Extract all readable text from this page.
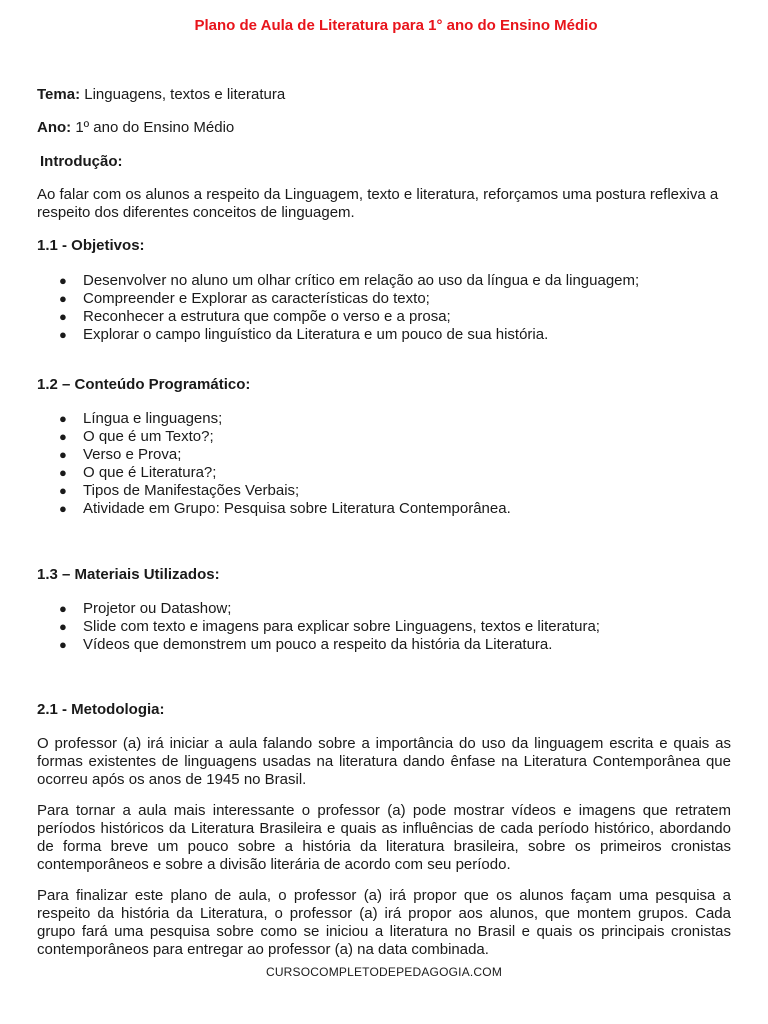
Plano de Aula de Literatura para 1° ano do Ensino Médio
Tema: Linguagens, textos e literatura
Ano: 1º ano do Ensino Médio
Introdução:
Ao falar com os alunos a respeito da Linguagem, texto e literatura, reforçamos uma postura reflexiva a respeito dos diferentes conceitos de linguagem.
1.1 - Objetivos:
● Desenvolver no aluno um olhar crítico em relação ao uso da língua e da linguagem;
● Compreender e Explorar as características do texto;
● Reconhecer a estrutura que compõe o verso e a prosa;
● Explorar o campo linguístico da Literatura e um pouco de sua história.
1.2 – Conteúdo Programático:
● Língua e linguagens;
● O que é um Texto?;
● Verso e Prova;
● O que é Literatura?;
● Tipos de Manifestações Verbais;
● Atividade em Grupo: Pesquisa sobre Literatura Contemporânea.
1.3 – Materiais Utilizados:
● Projetor ou Datashow;
● Slide com texto e imagens para explicar sobre Linguagens, textos e literatura;
● Vídeos que demonstrem um pouco a respeito da história da Literatura.
2.1 - Metodologia:
O professor (a) irá iniciar a aula falando sobre a importância do uso da linguagem escrita e quais as formas existentes de linguagens usadas na literatura dando ênfase na Literatura Contemporânea que ocorreu após os anos de 1945 no Brasil.
Para tornar a aula mais interessante o professor (a) pode mostrar vídeos e imagens que retratem períodos históricos da Literatura Brasileira e quais as influências de cada período histórico, abordando de forma breve um pouco sobre a história da literatura brasileira, sobre os primeiros cronistas contemporâneos e sobre a divisão literária de acordo com seu período.
Para finalizar este plano de aula, o professor (a) irá propor que os alunos façam uma pesquisa a respeito da história da Literatura, o professor (a) irá propor aos alunos, que montem grupos. Cada grupo fará uma pesquisa sobre como se iniciou a literatura no Brasil e quais os principais cronistas contemporâneos para entregar ao professor (a) na data combinada.
CURSOCOMPLETODEPEDAGOGIA.COM
